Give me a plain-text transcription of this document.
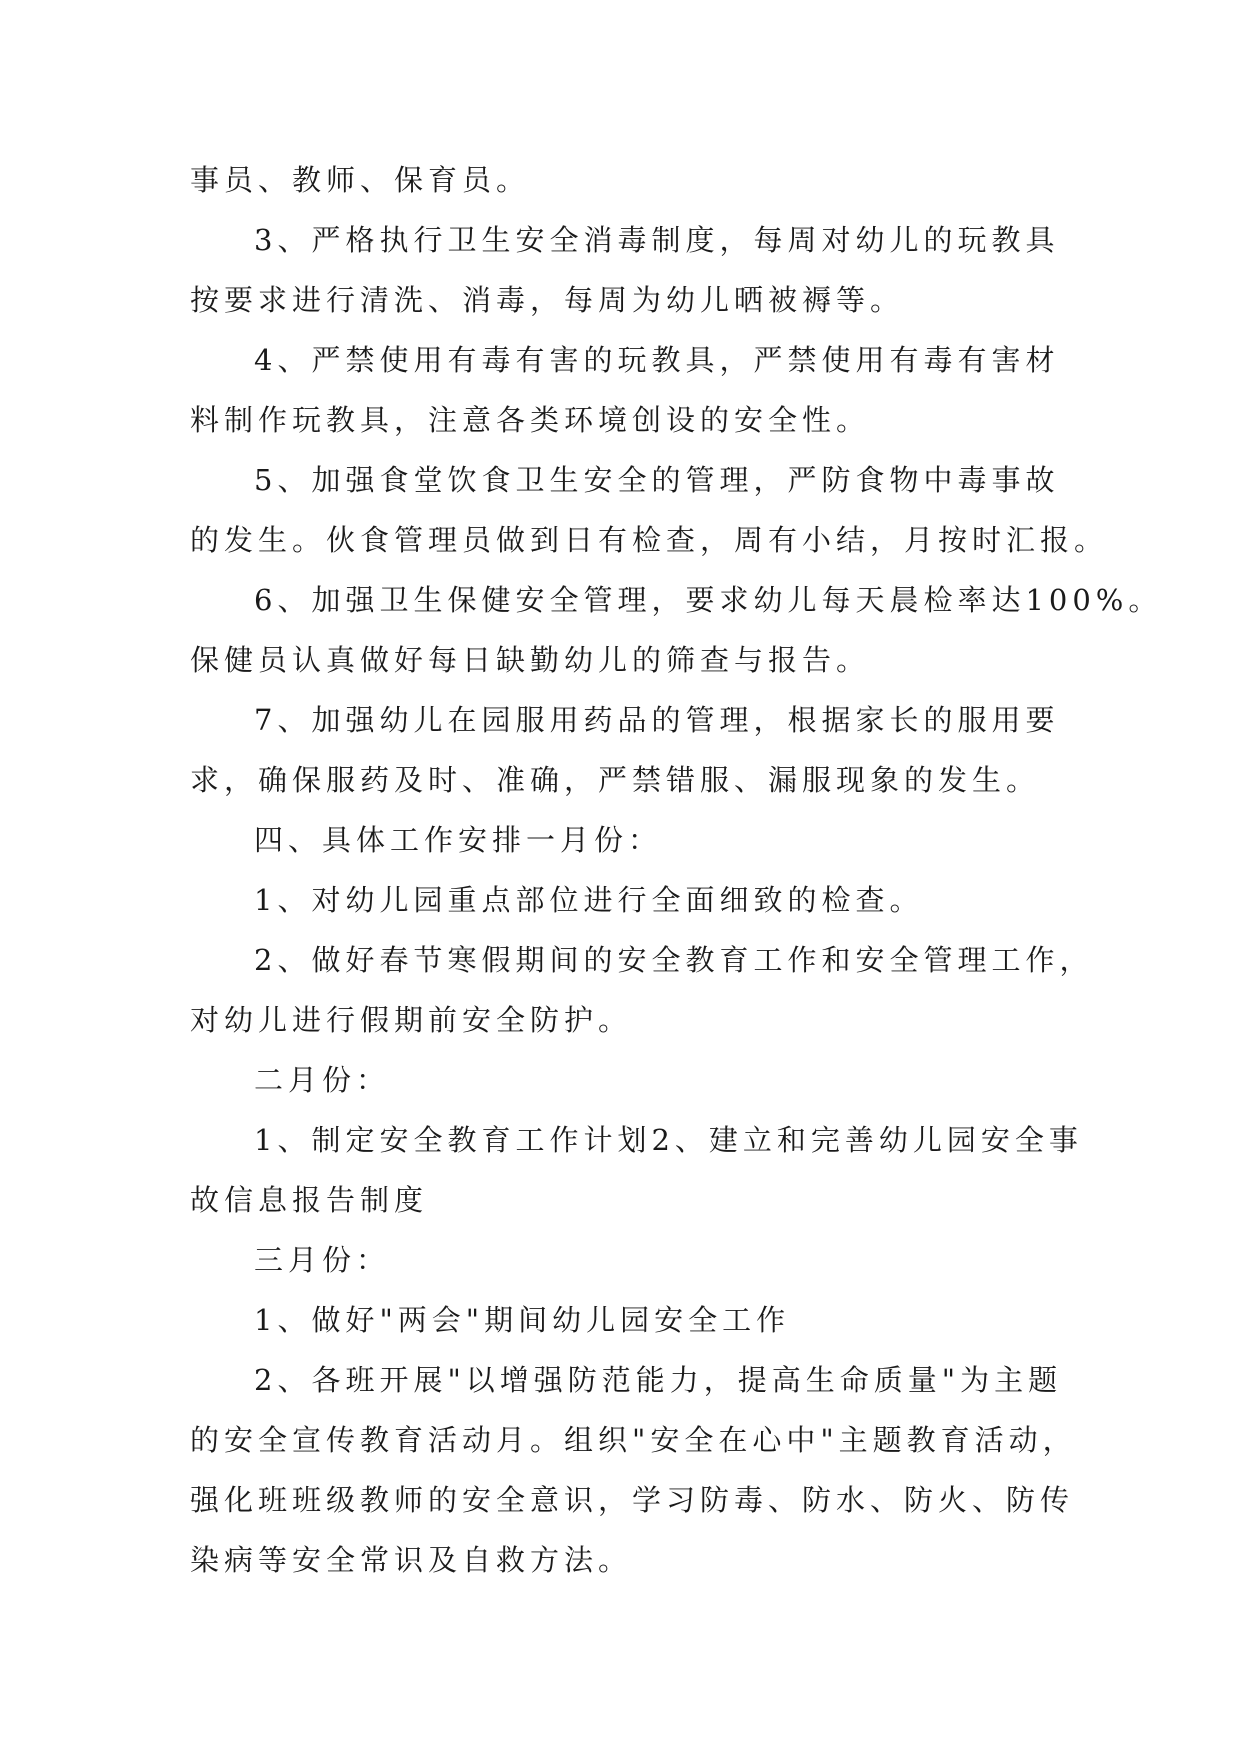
事员、教师、保育员。
3、严格执行卫生安全消毒制度，每周对幼儿的玩教具
按要求进行清洗、消毒，每周为幼儿晒被褥等。
4、严禁使用有毒有害的玩教具，严禁使用有毒有害材
料制作玩教具，注意各类环境创设的安全性。
5、加强食堂饮食卫生安全的管理，严防食物中毒事故
的发生。伙食管理员做到日有检查，周有小结，月按时汇报。
6、加强卫生保健安全管理，要求幼儿每天晨检率达100%。
保健员认真做好每日缺勤幼儿的筛查与报告。
7、加强幼儿在园服用药品的管理，根据家长的服用要
求，确保服药及时、准确，严禁错服、漏服现象的发生。
四、具体工作安排一月份：
1、对幼儿园重点部位进行全面细致的检查。
2、做好春节寒假期间的安全教育工作和安全管理工作，
对幼儿进行假期前安全防护。
二月份：
1、制定安全教育工作计划2、建立和完善幼儿园安全事
故信息报告制度
三月份：
1、做好"两会"期间幼儿园安全工作
2、各班开展"以增强防范能力，提高生命质量"为主题
的安全宣传教育活动月。组织"安全在心中"主题教育活动，
强化班班级教师的安全意识，学习防毒、防水、防火、防传
染病等安全常识及自救方法。
